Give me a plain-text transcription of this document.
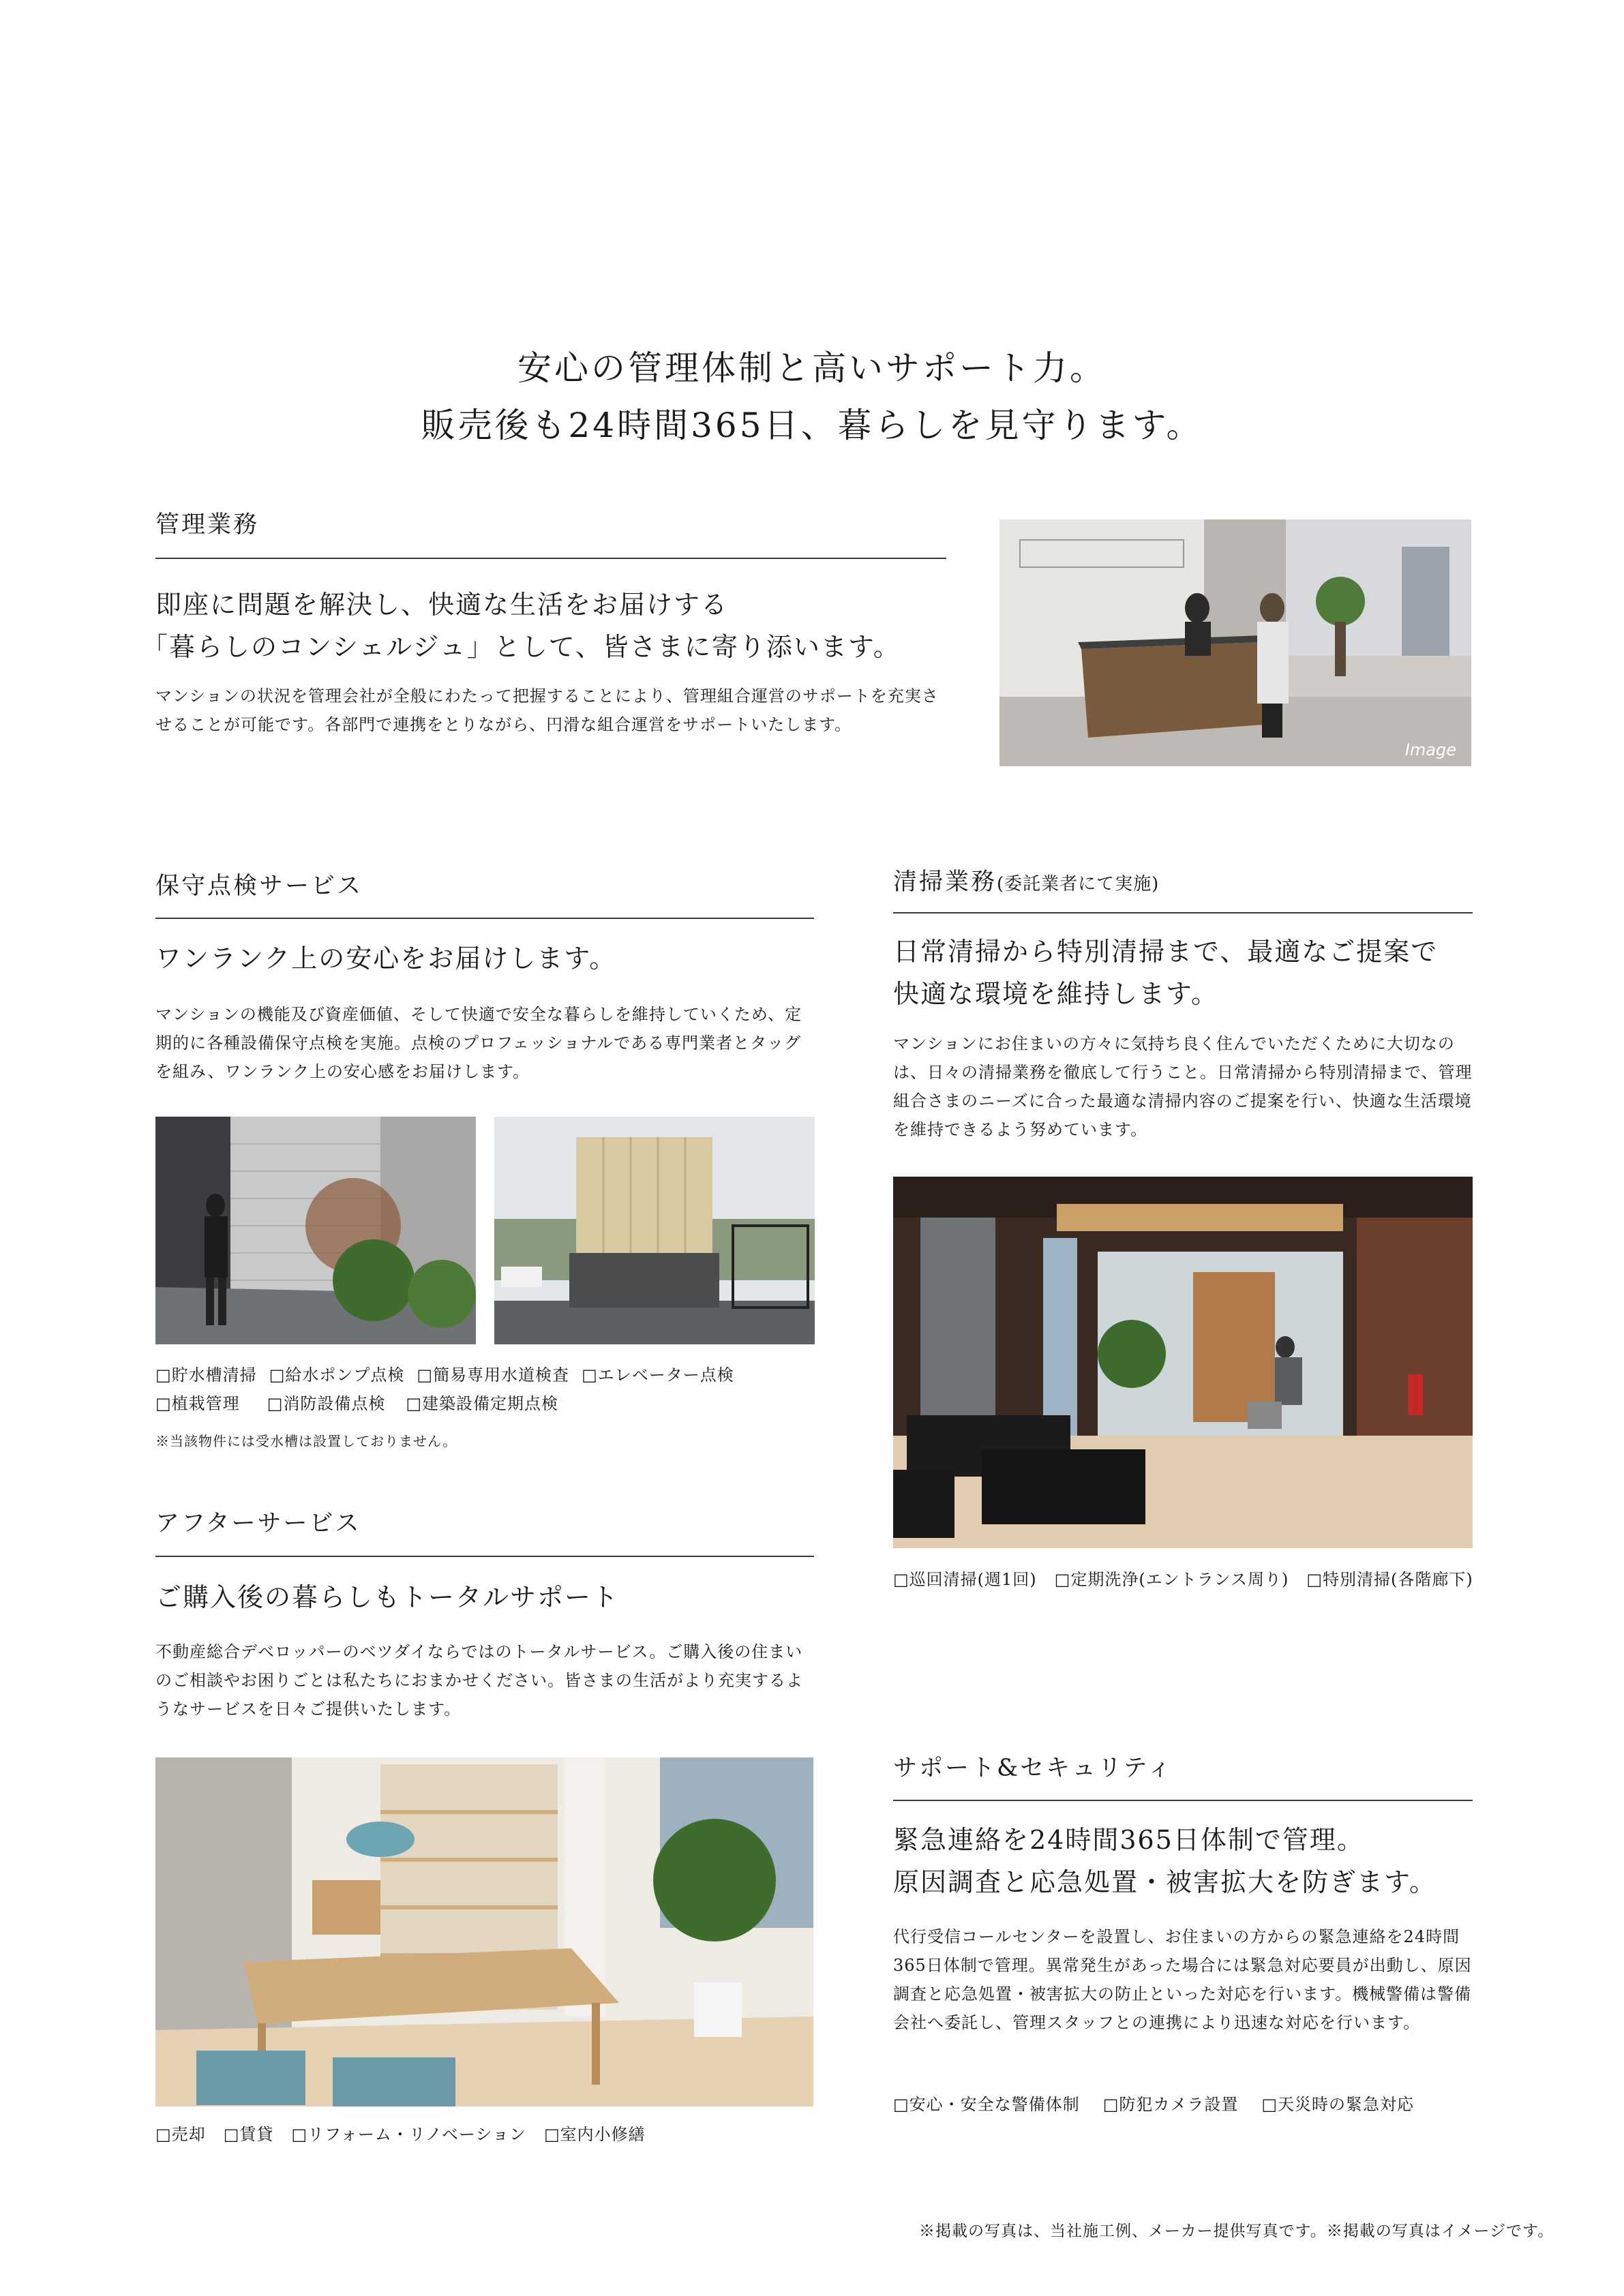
安心の管理体制と高いサポート力。
販売後も24時間365日、暮らしを見守ります。
管理業務
即座に問題を解決し、快適な生活をお届けする
「暮らしのコンシェルジュ」として、皆さまに寄り添います。
マンションの状況を管理会社が全般にわたって把握することにより、管理組合運営のサポートを充実させることが可能です。各部門で連携をとりながら、円滑な組合運営をサポートいたします。
Image
保守点検サービス
ワンランク上の安心をお届けします。
マンションの機能及び資産価値、そして快適で安全な暮らしを維持していくため、定期的に各種設備保守点検を実施。点検のプロフェッショナルである専門業者とタッグを組み、ワンランク上の安心感をお届けします。
□貯水槽清掃 □給水ポンプ点検 □簡易専用水道検査 □エレベーター点検
□植栽管理 □消防設備点検 □建築設備定期点検
※当該物件には受水槽は設置しておりません。
清掃業務(委託業者にて実施)
日常清掃から特別清掃まで、最適なご提案で
快適な環境を維持します。
マンションにお住まいの方々に気持ち良く住んでいただくために大切なのは、日々の清掃業務を徹底して行うこと。日常清掃から特別清掃まで、管理組合さまのニーズに合った最適な清掃内容のご提案を行い、快適な生活環境を維持できるよう努めています。
□巡回清掃(週1回) □定期洗浄(エントランス周り) □特別清掃(各階廊下)
アフターサービス
ご購入後の暮らしもトータルサポート
不動産総合デベロッパーのベツダイならではのトータルサービス。ご購入後の住まいのご相談やお困りごとは私たちにおまかせください。皆さまの生活がより充実するようなサービスを日々ご提供いたします。
□売却 □賃貸 □リフォーム・リノベーション □室内小修繕
サポート&セキュリティ
緊急連絡を24時間365日体制で管理。
原因調査と応急処置・被害拡大を防ぎます。
代行受信コールセンターを設置し、お住まいの方からの緊急連絡を24時間365日体制で管理。異常発生があった場合には緊急対応要員が出動し、原因調査と応急処置・被害拡大の防止といった対応を行います。機械警備は警備会社へ委託し、管理スタッフとの連携により迅速な対応を行います。
□安心・安全な警備体制 □防犯カメラ設置 □天災時の緊急対応
※掲載の写真は、当社施工例、メーカー提供写真です。※掲載の写真はイメージです。
